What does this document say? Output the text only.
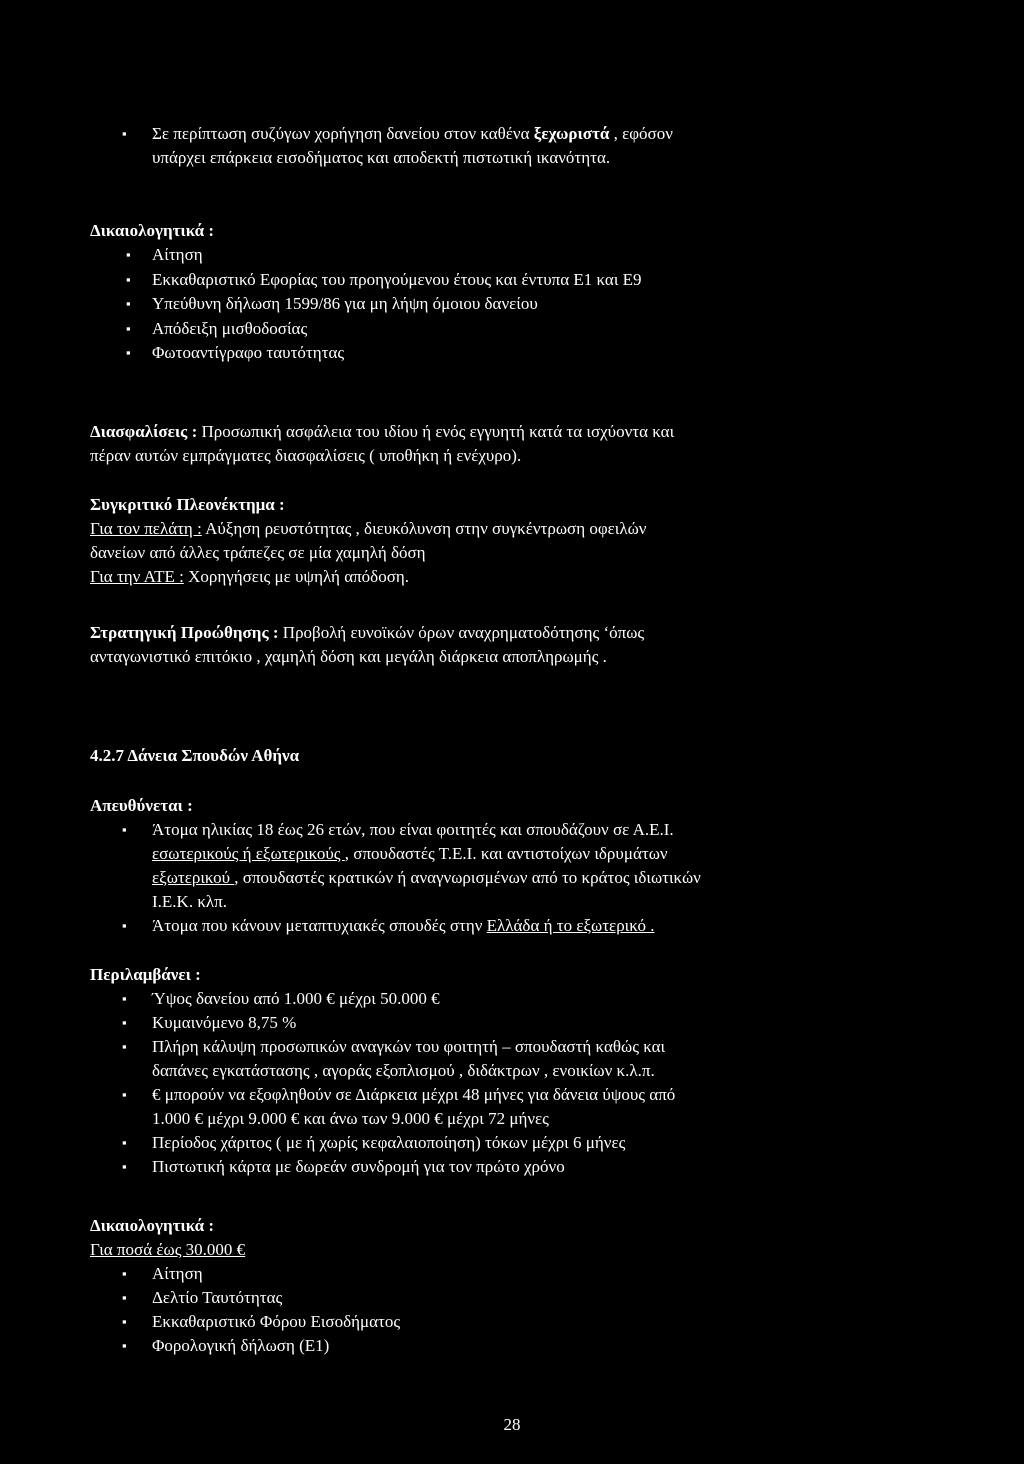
▪ Σε περίπτωση συζύγων χορήγηση δανείου στον καθένα ξεχωριστά , εφόσον
υπάρχει επάρκεια εισοδήματος και αποδεκτή πιστωτική ικανότητα.
Δικαιολογητικά :
▪ Αίτηση
▪ Εκκαθαριστικό Εφορίας του προηγούμενου έτους και έντυπα Ε1 και Ε9
▪ Υπεύθυνη δήλωση 1599/86 για μη λήψη όμοιου δανείου
▪ Απόδειξη μισθοδοσίας
▪ Φωτοαντίγραφο ταυτότητας
Διασφαλίσεις : Προσωπική ασφάλεια του ιδίου ή ενός εγγυητή κατά τα ισχύοντα και
πέραν αυτών εμπράγματες διασφαλίσεις ( υποθήκη ή ενέχυρο).
Συγκριτικό Πλεονέκτημα :
Για τον πελάτη : Αύξηση ρευστότητας , διευκόλυνση στην συγκέντρωση οφειλών
δανείων από άλλες τράπεζες σε μία χαμηλή δόση
Για την ΑΤΕ : Χορηγήσεις με υψηλή απόδοση.
Στρατηγική Προώθησης : Προβολή ευνοϊκών όρων αναχρηματοδότησης ‘όπως
ανταγωνιστικό επιτόκιο , χαμηλή δόση και μεγάλη διάρκεια αποπληρωμής .
4.2.7 Δάνεια Σπουδών Αθήνα
Απευθύνεται :
▪ Άτομα ηλικίας 18 έως 26 ετών, που είναι φοιτητές και σπουδάζουν σε Α.Ε.Ι.
εσωτερικούς ή εξωτερικούς , σπουδαστές Τ.Ε.Ι. και αντιστοίχων ιδρυμάτων
εξωτερικού , σπουδαστές κρατικών ή αναγνωρισμένων από το κράτος ιδιωτικών
Ι.Ε.Κ. κλπ.
▪ Άτομα που κάνουν μεταπτυχιακές σπουδές στην Ελλάδα ή το εξωτερικό .
Περιλαμβάνει :
▪ Ύψος δανείου από 1.000 € μέχρι 50.000 €
▪ Κυμαινόμενο 8,75 %
▪ Πλήρη κάλυψη προσωπικών αναγκών του φοιτητή – σπουδαστή καθώς και
δαπάνες εγκατάστασης , αγοράς εξοπλισμού , διδάκτρων , ενοικίων κ.λ.π.
▪ € μπορούν να εξοφληθούν σε Διάρκεια μέχρι 48 μήνες για δάνεια ύψους από
1.000 € μέχρι 9.000 € και άνω των 9.000 € μέχρι 72 μήνες
▪ Περίοδος χάριτος ( με ή χωρίς κεφαλαιοποίηση) τόκων μέχρι 6 μήνες
▪ Πιστωτική κάρτα με δωρεάν συνδρομή για τον πρώτο χρόνο
Δικαιολογητικά :
Για ποσά έως 30.000 €
▪ Αίτηση
▪ Δελτίο Ταυτότητας
▪ Εκκαθαριστικό Φόρου Εισοδήματος
▪ Φορολογική δήλωση (Ε1)
28
